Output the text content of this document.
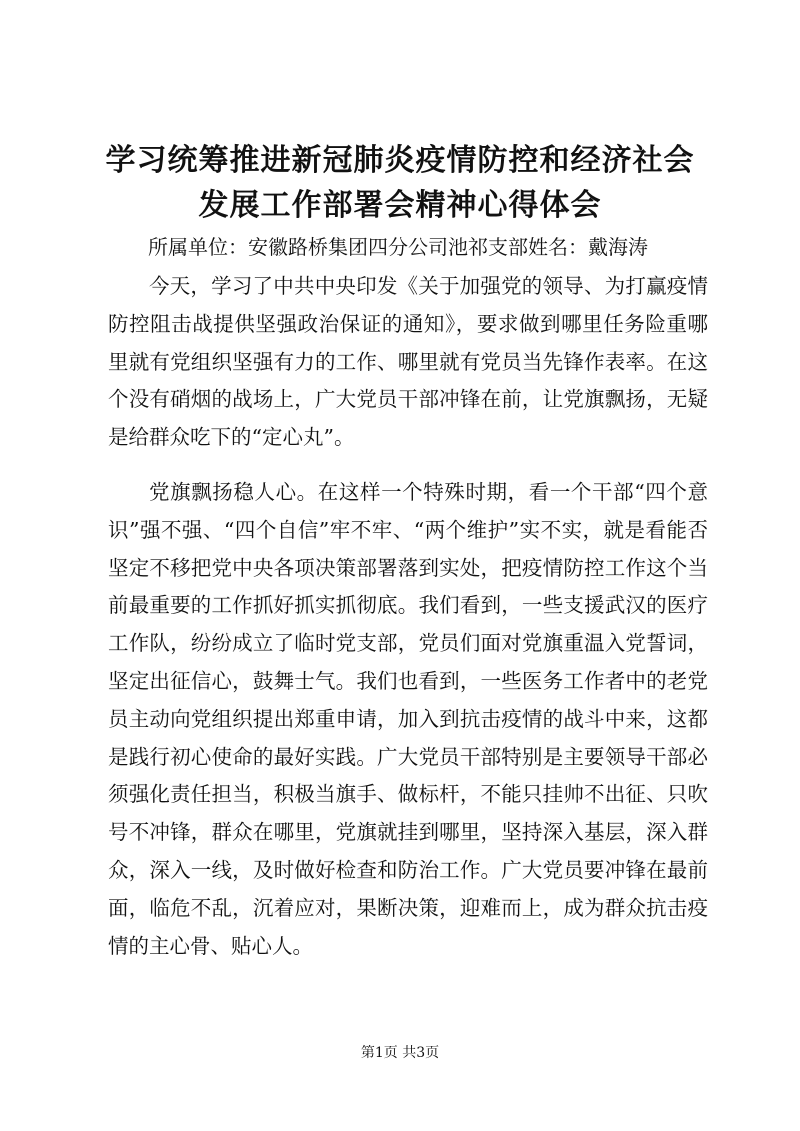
学习统筹推进新冠肺炎疫情防控和经济社会发展工作部署会精神心得体会

所属单位：安徽路桥集团四分公司池祁支部姓名：戴海涛

今天，学习了中共中央印发《关于加强党的领导、为打赢疫情防控阻击战提供坚强政治保证的通知》，要求做到哪里任务险重哪里就有党组织坚强有力的工作、哪里就有党员当先锋作表率。在这个没有硝烟的战场上，广大党员干部冲锋在前，让党旗飘扬，无疑是给群众吃下的“定心丸”。

党旗飘扬稳人心。在这样一个特殊时期，看一个干部“四个意识”强不强、“四个自信”牢不牢、“两个维护”实不实，就是看能否坚定不移把党中央各项决策部署落到实处，把疫情防控工作这个当前最重要的工作抓好抓实抓彻底。我们看到，一些支援武汉的医疗工作队，纷纷成立了临时党支部，党员们面对党旗重温入党誓词，坚定出征信心，鼓舞士气。我们也看到，一些医务工作者中的老党员主动向党组织提出郑重申请，加入到抗击疫情的战斗中来，这都是践行初心使命的最好实践。广大党员干部特别是主要领导干部必须强化责任担当，积极当旗手、做标杆，不能只挂帅不出征、只吹号不冲锋，群众在哪里，党旗就挂到哪里，坚持深入基层，深入群众，深入一线，及时做好检查和防治工作。广大党员要冲锋在最前面，临危不乱，沉着应对，果断决策，迎难而上，成为群众抗击疫情的主心骨、贴心人。

第1页 共3页
